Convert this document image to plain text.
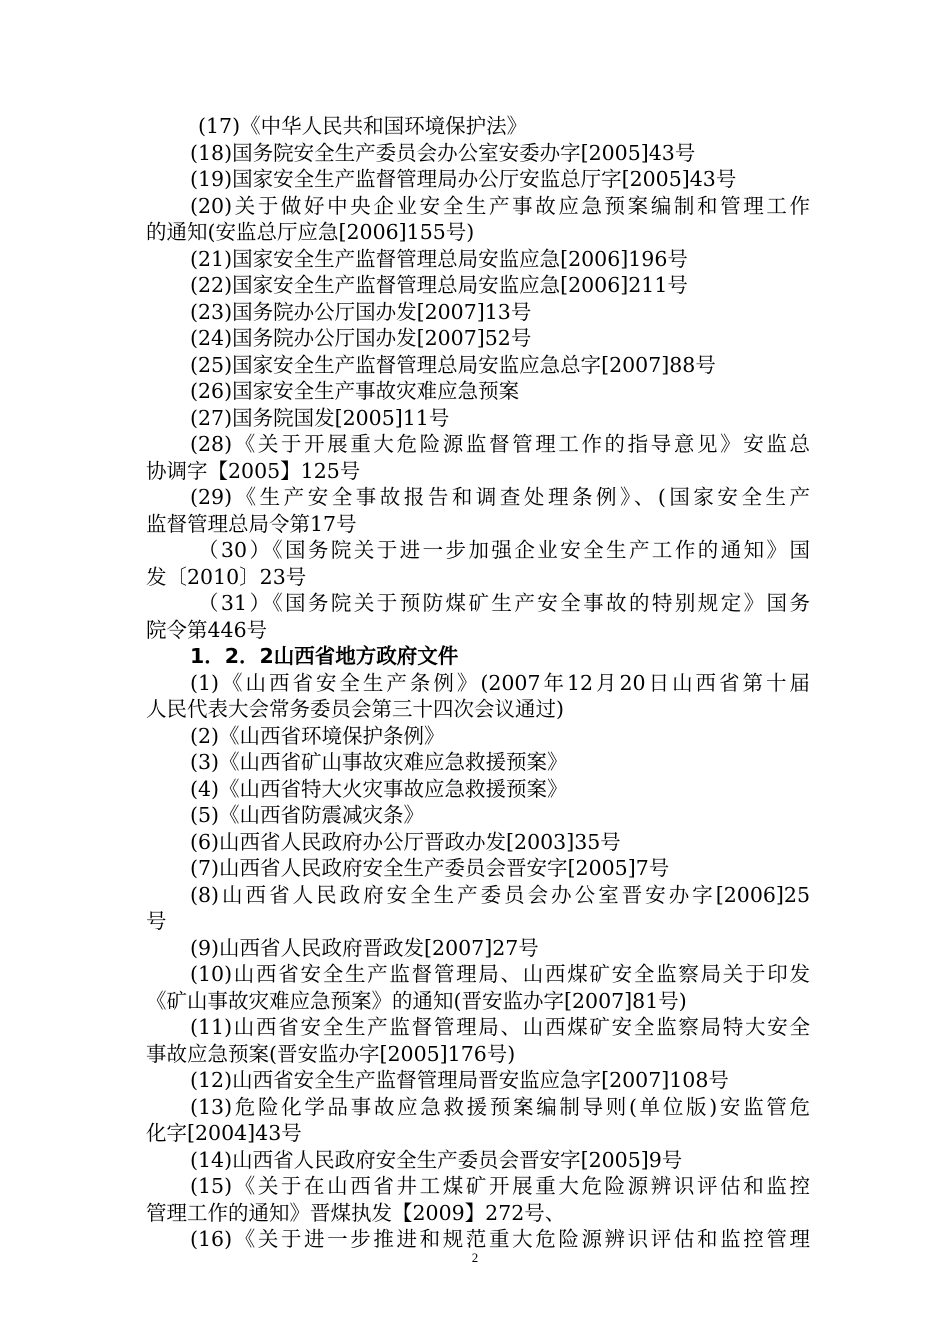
(17)《中华人民共和国环境保护法》
(18)国务院安全生产委员会办公室安委办字[2005]43号
(19)国家安全生产监督管理局办公厅安监总厅字[2005]43号
(20)关于做好中央企业安全生产事故应急预案编制和管理工作
的通知(安监总厅应急[2006]155号)
(21)国家安全生产监督管理总局安监应急[2006]196号
(22)国家安全生产监督管理总局安监应急[2006]211号
(23)国务院办公厅国办发[2007]13号
(24)国务院办公厅国办发[2007]52号
(25)国家安全生产监督管理总局安监应急总字[2007]88号
(26)国家安全生产事故灾难应急预案
(27)国务院国发[2005]11号
(28)《关于开展重大危险源监督管理工作的指导意见》安监总
协调字【2005】125号
(29)《生产安全事故报告和调查处理条例》、(国家安全生产
监督管理总局令第17号
（30）《国务院关于进一步加强企业安全生产工作的通知》国
发〔2010〕23号
（31）《国务院关于预防煤矿生产安全事故的特别规定》国务
院令第446号
1．2．2山西省地方政府文件
(1)《山西省安全生产条例》(2007年12月20日山西省第十届
人民代表大会常务委员会第三十四次会议通过)
(2)《山西省环境保护条例》
(3)《山西省矿山事故灾难应急救援预案》
(4)《山西省特大火灾事故应急救援预案》
(5)《山西省防震减灾条》
(6)山西省人民政府办公厅晋政办发[2003]35号
(7)山西省人民政府安全生产委员会晋安字[2005]7号
(8)山西省人民政府安全生产委员会办公室晋安办字[2006]25
号
(9)山西省人民政府晋政发[2007]27号
(10)山西省安全生产监督管理局、山西煤矿安全监察局关于印发
《矿山事故灾难应急预案》的通知(晋安监办字[2007]81号)
(11)山西省安全生产监督管理局、山西煤矿安全监察局特大安全
事故应急预案(晋安监办字[2005]176号)
(12)山西省安全生产监督管理局晋安监应急字[2007]108号
(13)危险化学品事故应急救援预案编制导则(单位版)安监管危
化字[2004]43号
(14)山西省人民政府安全生产委员会晋安字[2005]9号
(15)《关于在山西省井工煤矿开展重大危险源辨识评估和监控
管理工作的通知》晋煤执发【2009】272号、
(16)《关于进一步推进和规范重大危险源辨识评估和监控管理
2
